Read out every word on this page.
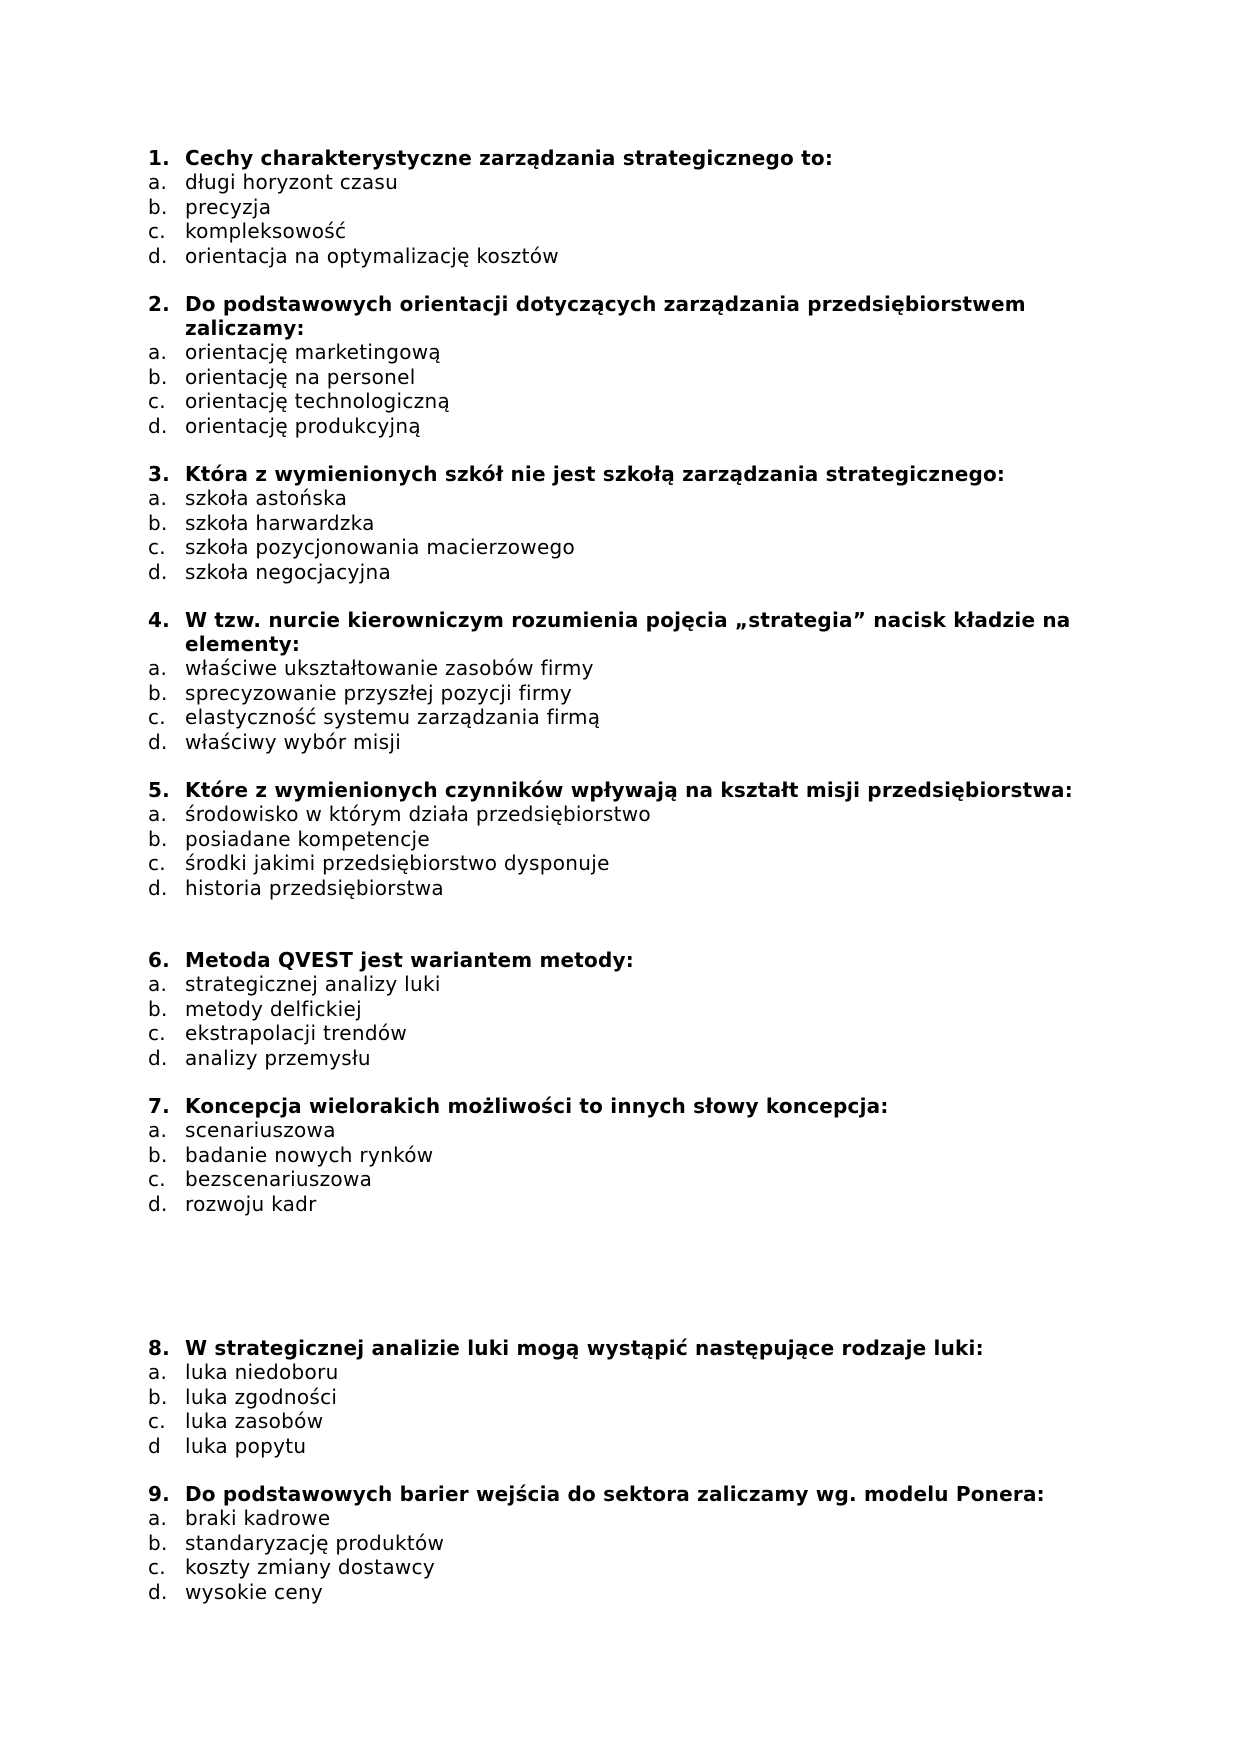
1. Cechy charakterystyczne zarządzania strategicznego to:
a. długi horyzont czasu
b. precyzja
c. kompleksowość
d. orientacja na optymalizację kosztów
2. Do podstawowych orientacji dotyczących zarządzania przedsiębiorstwem zaliczamy:
a. orientację marketingową
b. orientację na personel
c. orientację technologiczną
d. orientację produkcyjną
3. Która z wymienionych szkół nie jest szkołą zarządzania strategicznego:
a. szkoła astońska
b. szkoła harwardzka
c. szkoła pozycjonowania macierzowego
d. szkoła negocjacyjna
4. W tzw. nurcie kierowniczym rozumienia pojęcia „strategia” nacisk kładzie na elementy:
a. właściwe ukształtowanie zasobów firmy
b. sprecyzowanie przyszłej pozycji firmy
c. elastyczność systemu zarządzania firmą
d. właściwy wybór misji
5. Które z wymienionych czynników wpływają na kształt misji przedsiębiorstwa:
a. środowisko w którym działa przedsiębiorstwo
b. posiadane kompetencje
c. środki jakimi przedsiębiorstwo dysponuje
d. historia przedsiębiorstwa
6. Metoda QVEST jest wariantem metody:
a. strategicznej analizy luki
b. metody delfickiej
c. ekstrapolacji trendów
d. analizy przemysłu
7. Koncepcja wielorakich możliwości to innych słowy koncepcja:
a. scenariuszowa
b. badanie nowych rynków
c. bezscenariuszowa
d. rozwoju kadr
8. W strategicznej analizie luki mogą wystąpić następujące rodzaje luki:
a. luka niedoboru
b. luka zgodności
c. luka zasobów
d	luka popytu
9. Do podstawowych barier wejścia do sektora zaliczamy wg. modelu Ponera:
a. braki kadrowe
b. standaryzację produktów
c. koszty zmiany dostawcy
d. wysokie ceny
